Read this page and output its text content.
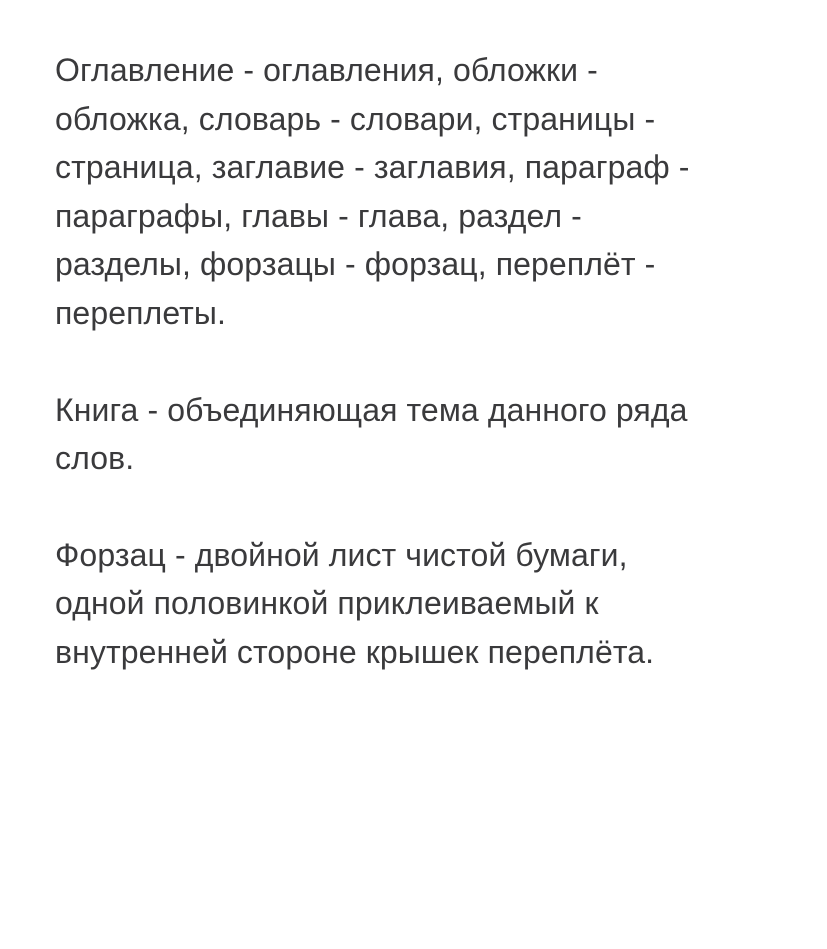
Оглавление - оглавления, обложки -
обложка, словарь - словари, страницы -
страница, заглавие - заглавия, параграф -
параграфы, главы - глава, раздел -
разделы, форзацы - форзац, переплёт -
переплеты.

Книга - объединяющая тема данного ряда
слов.

Форзац - двойной лист чистой бумаги,
одной половинкой приклеиваемый к
внутренней стороне крышек переплёта.
